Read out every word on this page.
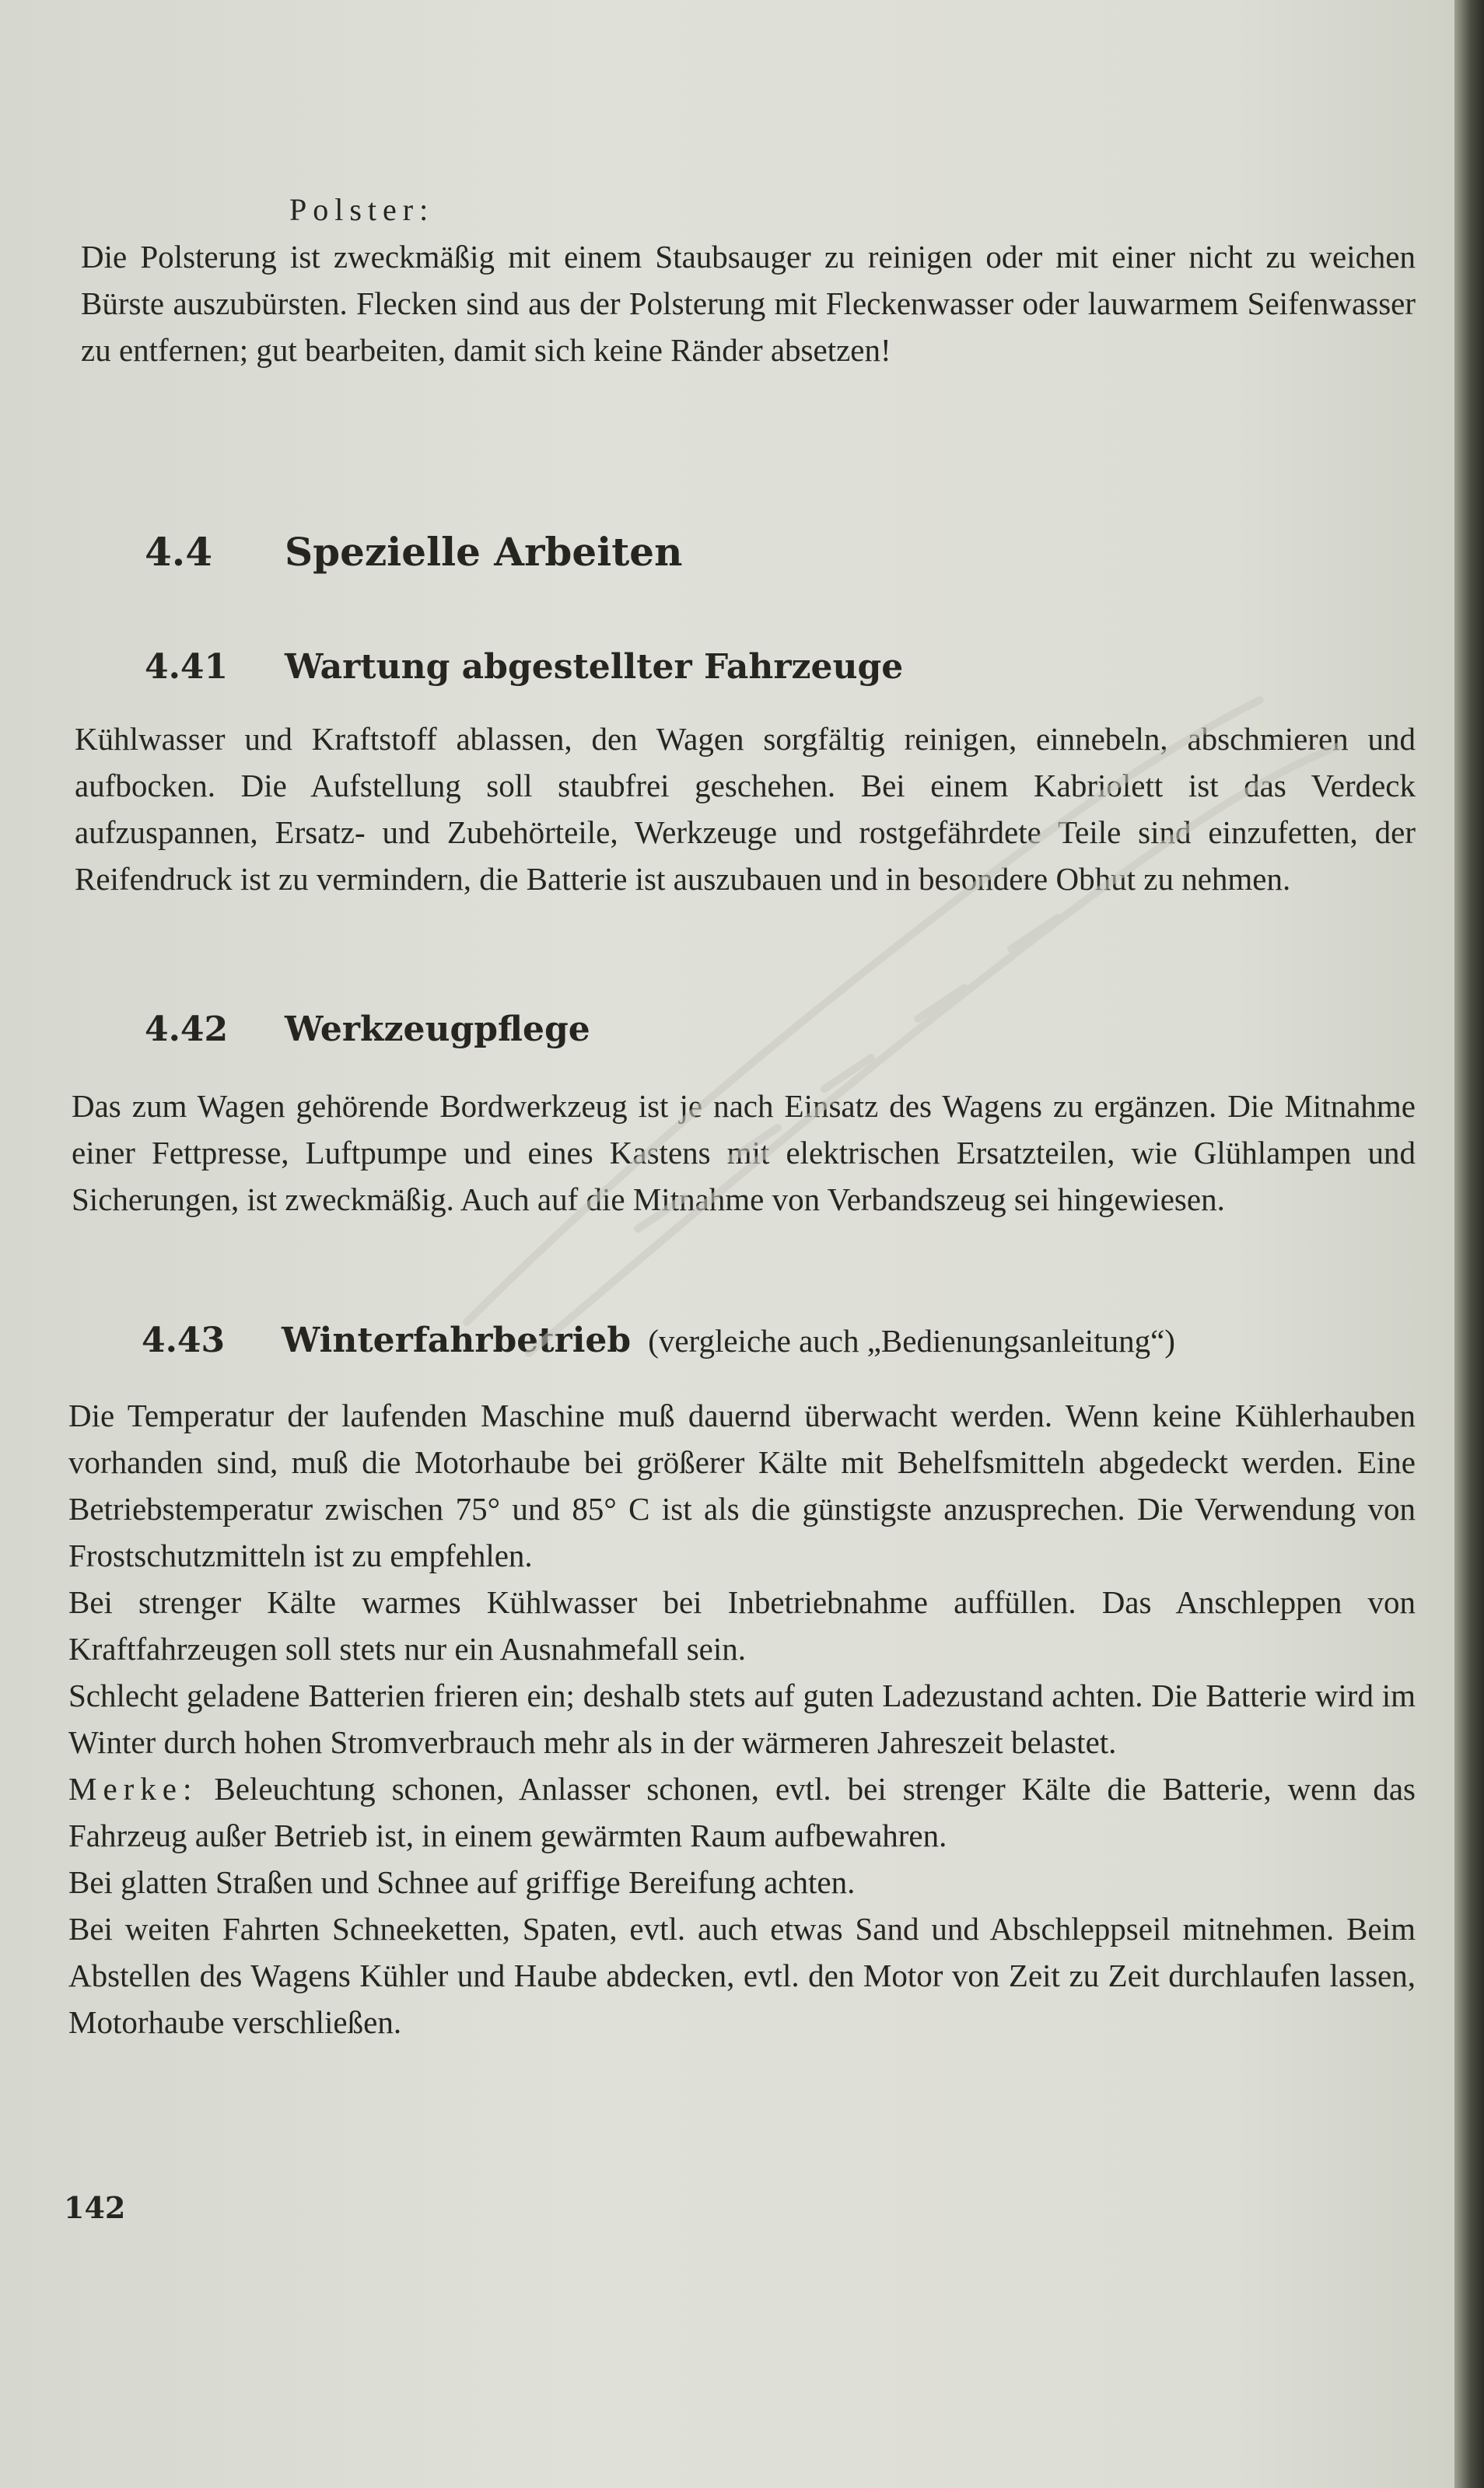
Polster:

Die Polsterung ist zweckmäßig mit einem Staubsauger zu reinigen oder mit einer nicht zu weichen Bürste auszubürsten. Flecken sind aus der Polsterung mit Fleckenwasser oder lauwarmem Seifenwasser zu entfernen; gut bearbeiten, damit sich keine Ränder absetzen!

4.4	Spezielle Arbeiten
4.41	Wartung abgestellter Fahrzeuge

Kühlwasser und Kraftstoff ablassen, den Wagen sorgfältig reinigen, einnebeln, abschmieren und aufbocken. Die Aufstellung soll staubfrei geschehen. Bei einem Kabriolett ist das Verdeck aufzuspannen, Ersatz- und Zubehörteile, Werkzeuge und rostgefährdete Teile sind einzufetten, der Reifendruck ist zu vermindern, die Batterie ist auszubauen und in besondere Obhut zu nehmen.

4.42	Werkzeugpflege

Das zum Wagen gehörende Bordwerkzeug ist je nach Einsatz des Wagens zu ergänzen. Die Mitnahme einer Fettpresse, Luftpumpe und eines Kastens mit elektrischen Ersatzteilen, wie Glühlampen und Sicherungen, ist zweckmäßig. Auch auf die Mitnahme von Verbandszeug sei hingewiesen.

4.43	Winterfahrbetrieb (vergleiche auch „Bedienungsanleitung“)

Die Temperatur der laufenden Maschine muß dauernd überwacht werden. Wenn keine Kühlerhauben vorhanden sind, muß die Motorhaube bei größerer Kälte mit Behelfsmitteln abgedeckt werden. Eine Betriebstemperatur zwischen 75° und 85° C ist als die günstigste anzusprechen. Die Verwendung von Frostschutzmitteln ist zu empfehlen.

Bei strenger Kälte warmes Kühlwasser bei Inbetriebnahme auffüllen. Das Anschleppen von Kraftfahrzeugen soll stets nur ein Ausnahmefall sein.

Schlecht geladene Batterien frieren ein; deshalb stets auf guten Ladezustand achten. Die Batterie wird im Winter durch hohen Stromverbrauch mehr als in der wärmeren Jahreszeit belastet.

Merke: Beleuchtung schonen, Anlasser schonen, evtl. bei strenger Kälte die Batterie, wenn das Fahrzeug außer Betrieb ist, in einem gewärmten Raum aufbewahren.

Bei glatten Straßen und Schnee auf griffige Bereifung achten.

Bei weiten Fahrten Schneeketten, Spaten, evtl. auch etwas Sand und Abschleppseil mitnehmen. Beim Abstellen des Wagens Kühler und Haube abdecken, evtl. den Motor von Zeit zu Zeit durchlaufen lassen, Motorhaube verschließen.

142
